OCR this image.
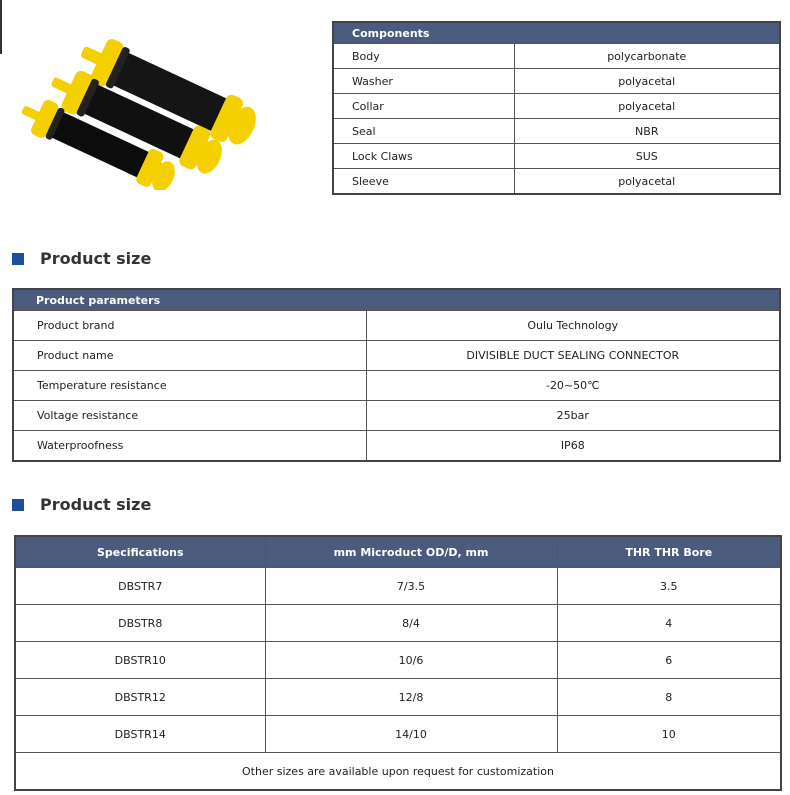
Components	
Body	polycarbonate
Washer	polyacetal
Collar	polyacetal
Seal	NBR
Lock Claws	SUS
Sleeve	polyacetal
Product size
Product parameters	
Product brand	Oulu Technology
Product name	DIVISIBLE DUCT SEALING CONNECTOR
Temperature resistance	-20~50℃
Voltage resistance	25bar
Waterproofness	IP68
Product size
Specifications	mm Microduct OD/D, mm	THR THR Bore
DBSTR7	7/3.5	3.5
DBSTR8	8/4	4
DBSTR10	10/6	6
DBSTR12	12/8	8
DBSTR14	14/10	10
Other sizes are available upon request for customization		
